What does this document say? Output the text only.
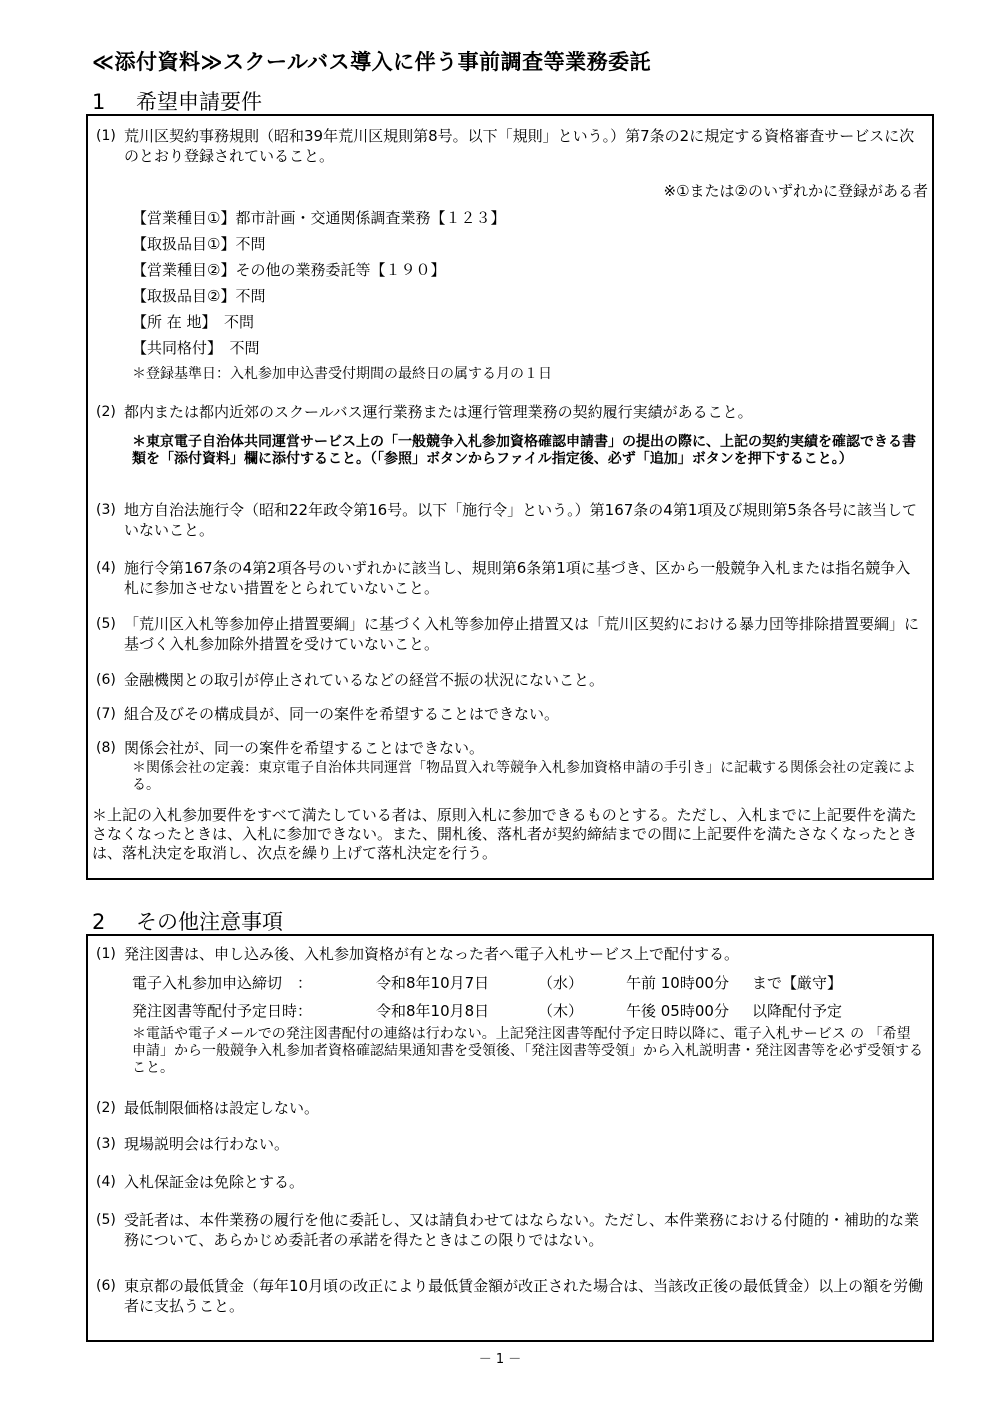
≪添付資料≫スクールバス導入に伴う事前調査等業務委託
1 希望申請要件
(1) 荒川区契約事務規則（昭和39年荒川区規則第8号。以下「規則」という。）第7条の2に規定する資格審査サービスに次のとおり登録されていること。
※①または②のいずれかに登録がある者
【営業種目①】都市計画・交通関係調査業務【１２３】
【取扱品目①】不問
【営業種目②】その他の業務委託等【１９０】
【取扱品目②】不問
【所 在 地】　不問
【共同格付】　不問
＊登録基準日：入札参加申込書受付期間の最終日の属する月の１日
(2) 都内または都内近郊のスクールバス運行業務または運行管理業務の契約履行実績があること。
＊東京電子自治体共同運営サービス上の「一般競争入札参加資格確認申請書」の提出の際に、上記の契約実績を確認できる書類を「添付資料」欄に添付すること。（「参照」ボタンからファイル指定後、必ず「追加」ボタンを押下すること。）
(3) 地方自治法施行令（昭和22年政令第16号。以下「施行令」という。）第167条の4第1項及び規則第5条各号に該当していないこと。
(4) 施行令第167条の4第2項各号のいずれかに該当し、規則第6条第1項に基づき、区から一般競争入札または指名競争入札に参加させない措置をとられていないこと。
(5) 「荒川区入札等参加停止措置要綱」に基づく入札等参加停止措置又は「荒川区契約における暴力団等排除措置要綱」に基づく入札参加除外措置を受けていないこと。
(6) 金融機関との取引が停止されているなどの経営不振の状況にないこと。
(7) 組合及びその構成員が、同一の案件を希望することはできない。
(8) 関係会社が、同一の案件を希望することはできない。
＊関係会社の定義：東京電子自治体共同運営「物品買入れ等競争入札参加資格申請の手引き」に記載する関係会社の定義による。
＊上記の入札参加要件をすべて満たしている者は、原則入札に参加できるものとする。ただし、入札までに上記要件を満たさなくなったときは、入札に参加できない。また、開札後、落札者が契約締結までの間に上記要件を満たさなくなったときは、落札決定を取消し、次点を繰り上げて落札決定を行う。
2 その他注意事項
(1) 発注図書は、申し込み後、入札参加資格が有となった者へ電子入札サービス上で配付する。
電子入札参加申込締切　：	令和8年10月7日	（水）	午前 10時00分 まで【厳守】
発注図書等配付予定日時：	令和8年10月8日	（木）	午後 05時00分 以降配付予定
＊電話や電子メールでの発注図書配付の連絡は行わない。上記発注図書等配付予定日時以降に、電子入札サービス の 「希望申請」から一般競争入札参加者資格確認結果通知書を受領後、「発注図書等受領」から入札説明書・発注図書等を必ず受領すること。
(2) 最低制限価格は設定しない。
(3) 現場説明会は行わない。
(4) 入札保証金は免除とする。
(5) 受託者は、本件業務の履行を他に委託し、又は請負わせてはならない。ただし、本件業務における付随的・補助的な業務について、あらかじめ委託者の承諾を得たときはこの限りではない。
(6) 東京都の最低賃金（毎年10月頃の改正により最低賃金額が改正された場合は、当該改正後の最低賃金）以上の額を労働者に支払うこと。
－ 1 －
